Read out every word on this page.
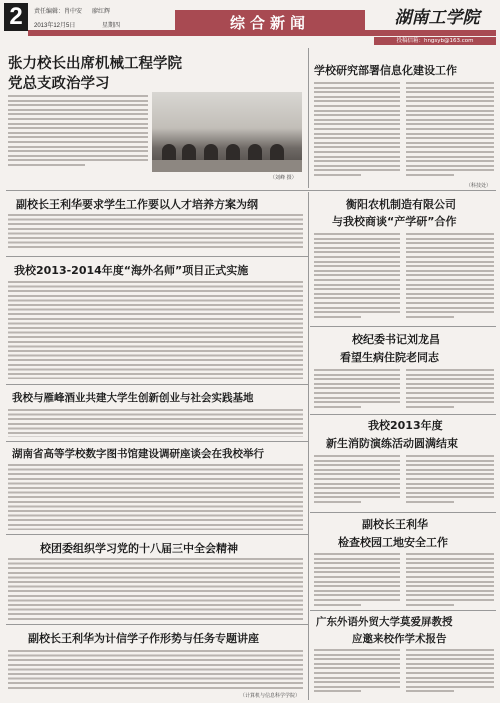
2	责任编辑：肖中安 廖红辉
2013年12月5日	星期四	综合新闻	湖南工学院
投稿信箱：hngsyb@163.com
张力校长出席机械工程学院
党总支政治学习
（刘峰 摄）
学校研究部署信息化建设工作
（科技处）
副校长王利华要求学生工作要以人才培养方案为纲	衡阳农机制造有限公司
与我校商谈“产学研”合作
我校2013-2014年度“海外名师”项目正式实施
校纪委书记刘龙昌
看望生病住院老同志
我校与雁峰酒业共建大学生创新创业与社会实践基地
我校2013年度
新生消防演练活动圆满结束
湖南省高等学校数字图书馆建设调研座谈会在我校举行
副校长王利华
检查校园工地安全工作
校团委组织学习党的十八届三中全会精神
广东外语外贸大学莫爱屏教授
应邀来校作学术报告
副校长王利华为计信学子作形势与任务专题讲座
（计算机与信息科学学院）
